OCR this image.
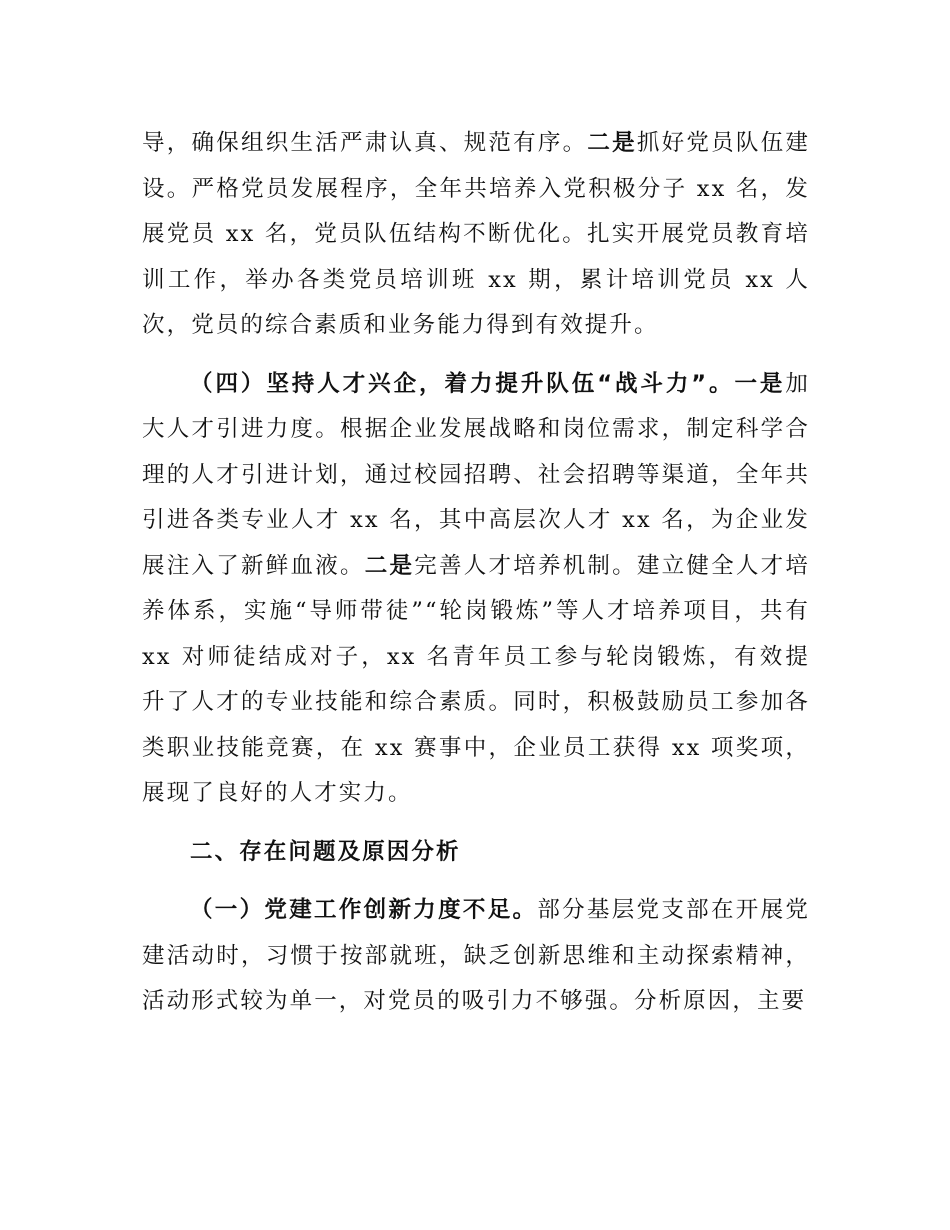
导，确保组织生活严肃认真、规范有序。二是抓好党员队伍建设。严格党员发展程序，全年共培养入党积极分子 xx 名，发展党员 xx 名，党员队伍结构不断优化。扎实开展党员教育培训工作，举办各类党员培训班 xx 期，累计培训党员 xx 人次，党员的综合素质和业务能力得到有效提升。

（四）坚持人才兴企，着力提升队伍“战斗力”。一是加大人才引进力度。根据企业发展战略和岗位需求，制定科学合理的人才引进计划，通过校园招聘、社会招聘等渠道，全年共引进各类专业人才 xx 名，其中高层次人才 xx 名，为企业发展注入了新鲜血液。二是完善人才培养机制。建立健全人才培养体系，实施“导师带徒”“轮岗锻炼”等人才培养项目，共有 xx 对师徒结成对子，xx 名青年员工参与轮岗锻炼，有效提升了人才的专业技能和综合素质。同时，积极鼓励员工参加各类职业技能竞赛，在 xx 赛事中，企业员工获得 xx 项奖项，展现了良好的人才实力。

二、存在问题及原因分析

（一）党建工作创新力度不足。部分基层党支部在开展党建活动时，习惯于按部就班，缺乏创新思维和主动探索精神，活动形式较为单一，对党员的吸引力不够强。分析原因，主要
